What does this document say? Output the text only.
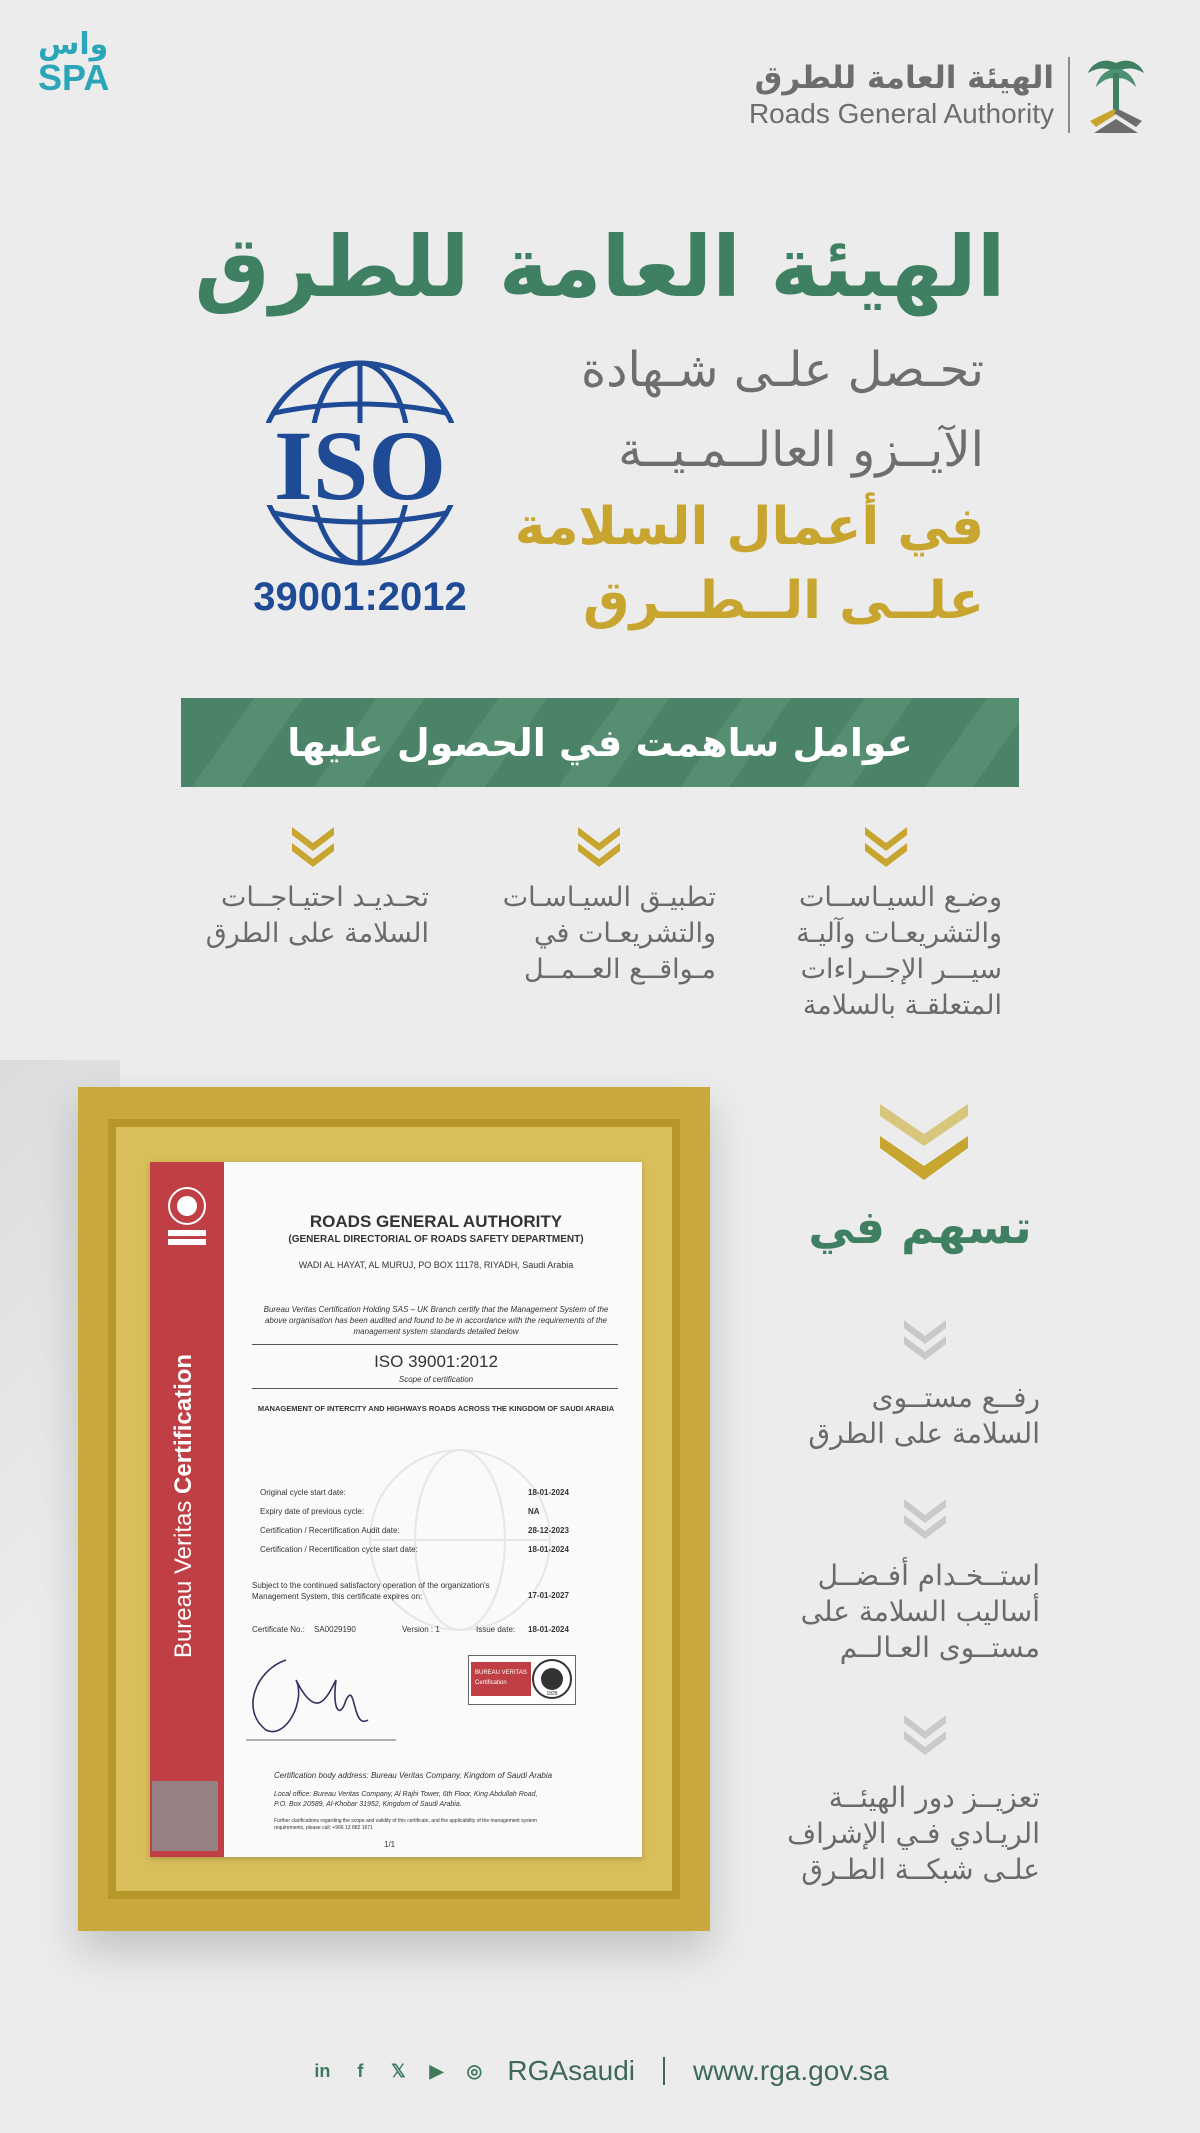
واس
SPA	الهيئة العامة للطرق
Roads General Authority
الهيئة العامة للطرق
ISO
39001:2012
تحـصل علـى شـهادة
الآيــزو العالــمـيــة
في أعمال السلامة
علــى الــطــرق
عوامل ساهمت في الحصول عليها
وضـع السيـاســات
والتشريعـات وآليـة
سيـــر الإجــراءات
المتعلقـة بالسلامة
تطبيـق السيـاسـات
والتشريعـات في
مـواقــع العــمــل
تحـديـد احتيـاجــات
السلامة على الطرق
Bureau Veritas Certification
ROADS GENERAL AUTHORITY
(GENERAL DIRECTORIAL OF ROADS SAFETY DEPARTMENT)
WADI AL HAYAT, AL MURUJ, PO BOX 11178, RIYADH, Saudi Arabia
Bureau Veritas Certification Holding SAS – UK Branch certify that the Management System of the above organisation has been audited and found to be in accordance with the requirements of the management system standards detailed below
ISO 39001:2012
Scope of certification
MANAGEMENT OF INTERCITY AND HIGHWAYS ROADS ACROSS THE KINGDOM OF SAUDI ARABIA
Original cycle start date:	18-01-2024
Expiry date of previous cycle:	NA
Certification / Recertification Audit date:	28-12-2023
Certification / Recertification cycle start date:	18-01-2024
Subject to the continued satisfactory operation of the organization's Management System, this certificate expires on:	17-01-2027
Certificate No.: SA0029190	Version : 1	Issue date: 18-01-2024
BUREAU VERITAS
Certification
1828
Certification body address: Bureau Veritas Company, Kingdom of Saudi Arabia
Local office: Bureau Veritas Company, Al Rajhi Tower, 6th Floor, King Abdullah Road, P.O. Box 20589, Al-Khobar 31952, Kingdom of Saudi Arabia.
Further clarifications regarding the scope and validity of this certificate, and the applicability of the management system requirements, please call: +966 13 882 1671
1/1
تسهم في
رفــع مستــوى
السلامة على الطرق
استــخـدام أفـضــل
أساليب السلامة على
مستــوى العـالــم
تعزيــز دور الهيئــة
الريـادي فـي الإشراف
علـى شبكــة الطـرق
in	f	𝕏 ▶ ◎ RGAsaudi www.rga.gov.sa
